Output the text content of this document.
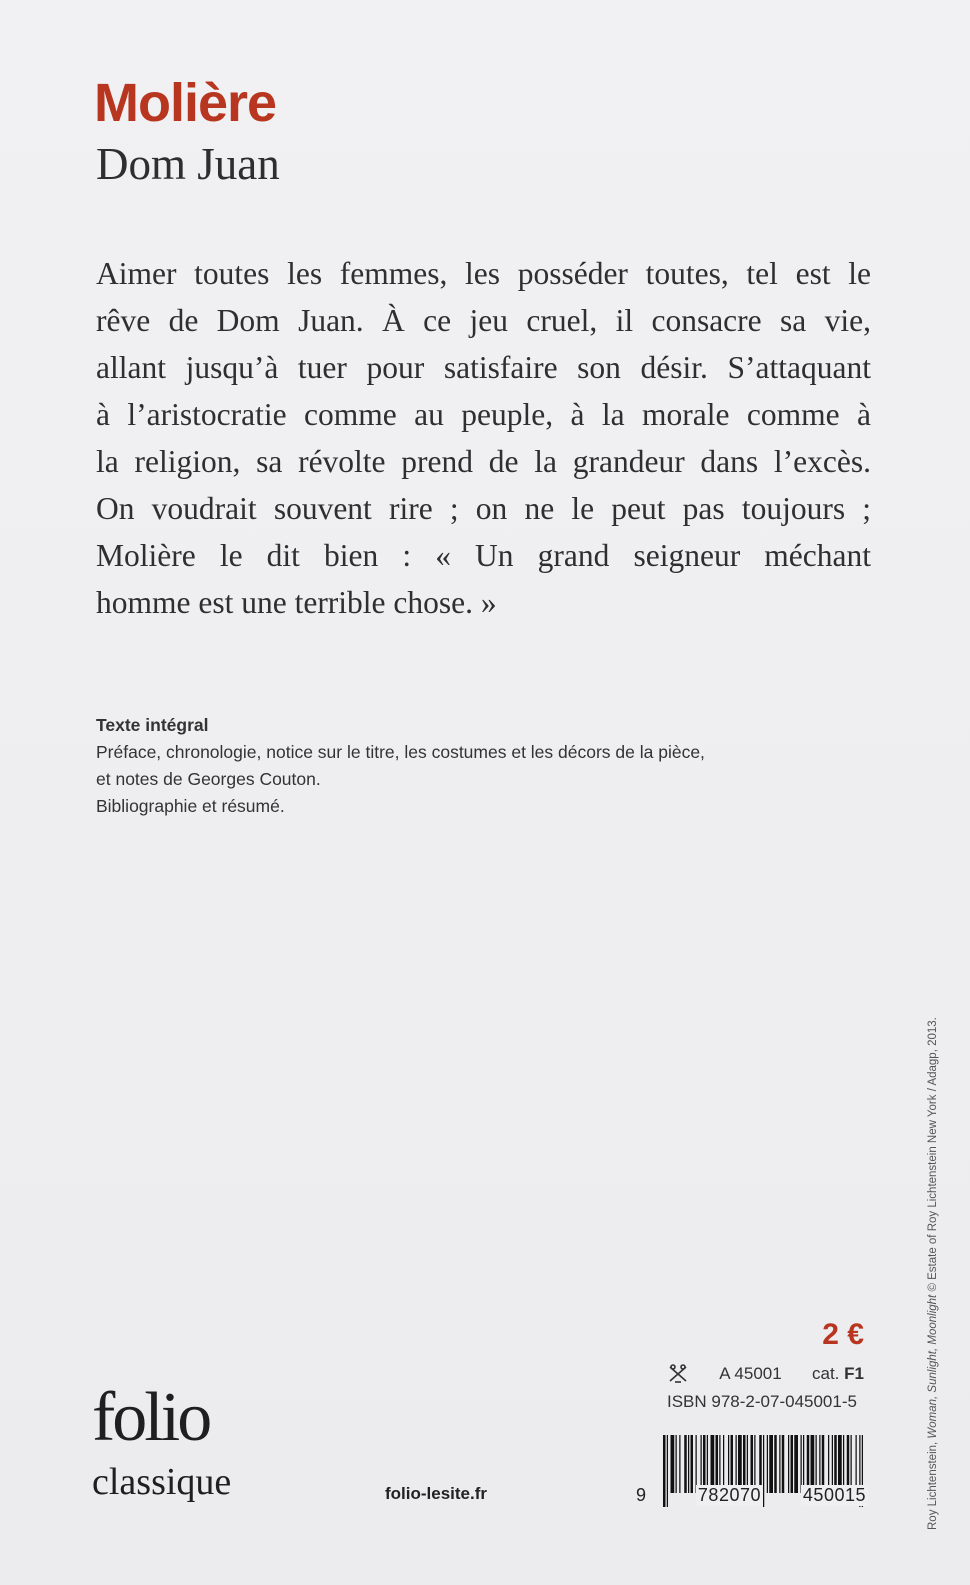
Molière
Dom Juan

Aimer toutes les femmes, les posséder toutes, tel est le
rêve de Dom Juan. À ce jeu cruel, il consacre sa vie,
allant jusqu’à tuer pour satisfaire son désir. S’attaquant
à l’aristocratie comme au peuple, à la morale comme à
la religion, sa révolte prend de la grandeur dans l’excès.
On voudrait souvent rire ; on ne le peut pas toujours ;
Molière le dit bien : « Un grand seigneur méchant
homme est une terrible chose. »

Texte intégral
Préface, chronologie, notice sur le titre, les costumes et les décors de la pièce,
et notes de Georges Couton.
Bibliographie et résumé.
Roy Lichtenstein, Woman, Sunlight, Moonlight © Estate of Roy Lichtenstein New York / Adagp, 2013.
2 €
A 45001 cat. F1
ISBN 978-2-07-045001-5
9	782070 450015
folio
classique	folio-lesite.fr
